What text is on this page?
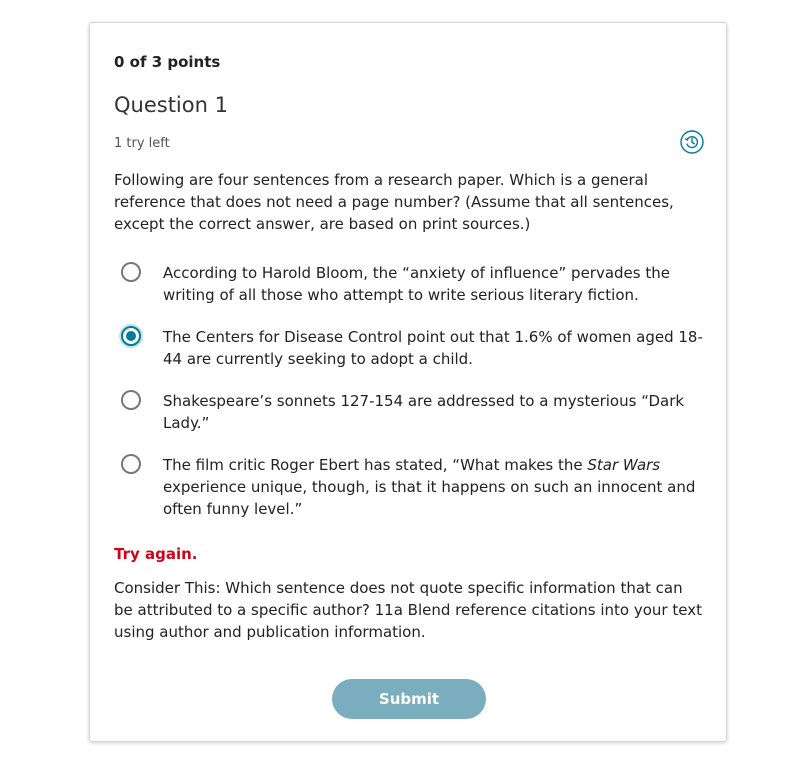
0 of 3 points
Question 1
1 try left
Following are four sentences from a research paper. Which is a general reference that does not need a page number? (Assume that all sentences, except the correct answer, are based on print sources.)
According to Harold Bloom, the “anxiety of influence” pervades the writing of all those who attempt to write serious literary fiction.
The Centers for Disease Control point out that 1.6% of women aged 18-44 are currently seeking to adopt a child.
Shakespeare’s sonnets 127-154 are addressed to a mysterious “Dark Lady.”
The film critic Roger Ebert has stated, “What makes the Star Wars experience unique, though, is that it happens on such an innocent and often funny level.”
Try again.
Consider This: Which sentence does not quote specific information that can be attributed to a specific author? 11a Blend reference citations into your text using author and publication information.
Submit
